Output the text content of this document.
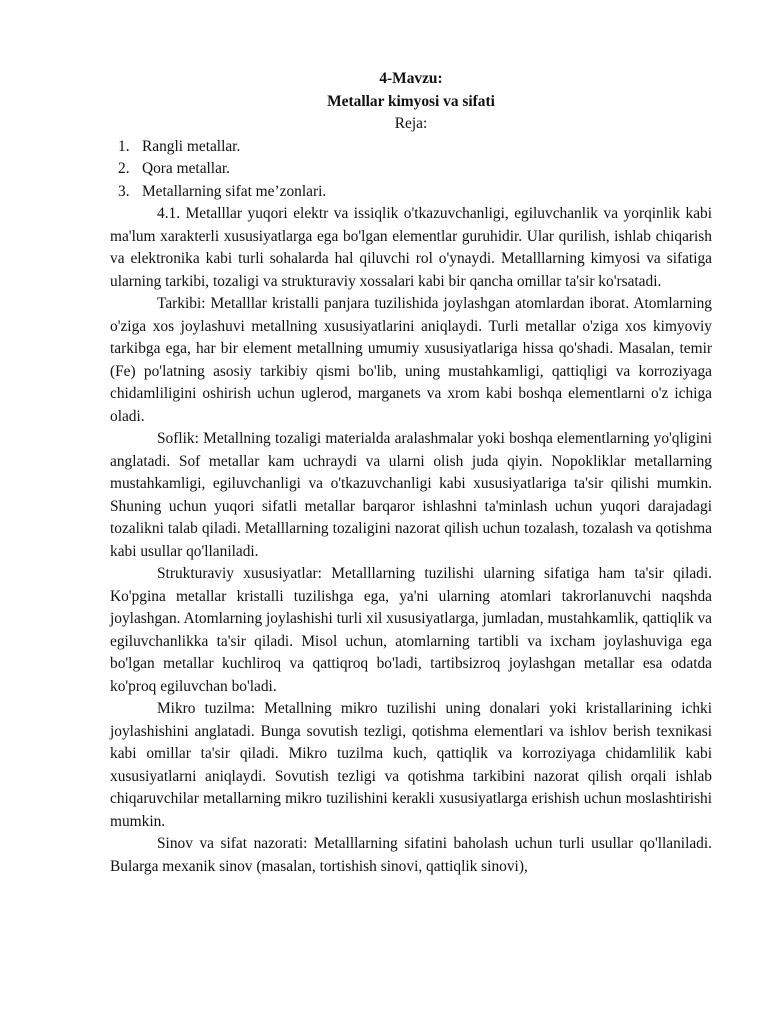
4-Mavzu:
Metallar kimyosi va sifati
Reja:
1. Rangli metallar.
2. Qora metallar.
3. Metallarning sifat me’zonlari.

4.1. Metalllar yuqori elektr va issiqlik o'tkazuvchanligi, egiluvchanlik va yorqinlik kabi ma'lum xarakterli xususiyatlarga ega bo'lgan elementlar guruhidir. Ular qurilish, ishlab chiqarish va elektronika kabi turli sohalarda hal qiluvchi rol o'ynaydi. Metalllarning kimyosi va sifatiga ularning tarkibi, tozaligi va strukturaviy xossalari kabi bir qancha omillar ta'sir ko'rsatadi.

Tarkibi: Metalllar kristalli panjara tuzilishida joylashgan atomlardan iborat. Atomlarning o'ziga xos joylashuvi metallning xususiyatlarini aniqlaydi. Turli metallar o'ziga xos kimyoviy tarkibga ega, har bir element metallning umumiy xususiyatlariga hissa qo'shadi. Masalan, temir (Fe) po'latning asosiy tarkibiy qismi bo'lib, uning mustahkamligi, qattiqligi va korroziyaga chidamliligini oshirish uchun uglerod, marganets va xrom kabi boshqa elementlarni o'z ichiga oladi.

Soflik: Metallning tozaligi materialda aralashmalar yoki boshqa elementlarning yo'qligini anglatadi. Sof metallar kam uchraydi va ularni olish juda qiyin. Nopokliklar metallarning mustahkamligi, egiluvchanligi va o'tkazuvchanligi kabi xususiyatlariga ta'sir qilishi mumkin. Shuning uchun yuqori sifatli metallar barqaror ishlashni ta'minlash uchun yuqori darajadagi tozalikni talab qiladi. Metalllarning tozaligini nazorat qilish uchun tozalash, tozalash va qotishma kabi usullar qo'llaniladi.

Strukturaviy xususiyatlar: Metalllarning tuzilishi ularning sifatiga ham ta'sir qiladi. Ko'pgina metallar kristalli tuzilishga ega, ya'ni ularning atomlari takrorlanuvchi naqshda joylashgan. Atomlarning joylashishi turli xil xususiyatlarga, jumladan, mustahkamlik, qattiqlik va egiluvchanlikka ta'sir qiladi. Misol uchun, atomlarning tartibli va ixcham joylashuviga ega bo'lgan metallar kuchliroq va qattiqroq bo'ladi, tartibsizroq joylashgan metallar esa odatda ko'proq egiluvchan bo'ladi.

Mikro tuzilma: Metallning mikro tuzilishi uning donalari yoki kristallarining ichki joylashishini anglatadi. Bunga sovutish tezligi, qotishma elementlari va ishlov berish texnikasi kabi omillar ta'sir qiladi. Mikro tuzilma kuch, qattiqlik va korroziyaga chidamlilik kabi xususiyatlarni aniqlaydi. Sovutish tezligi va qotishma tarkibini nazorat qilish orqali ishlab chiqaruvchilar metallarning mikro tuzilishini kerakli xususiyatlarga erishish uchun moslashtirishi mumkin.

Sinov va sifat nazorati: Metalllarning sifatini baholash uchun turli usullar qo'llaniladi. Bularga mexanik sinov (masalan, tortishish sinovi, qattiqlik sinovi),
